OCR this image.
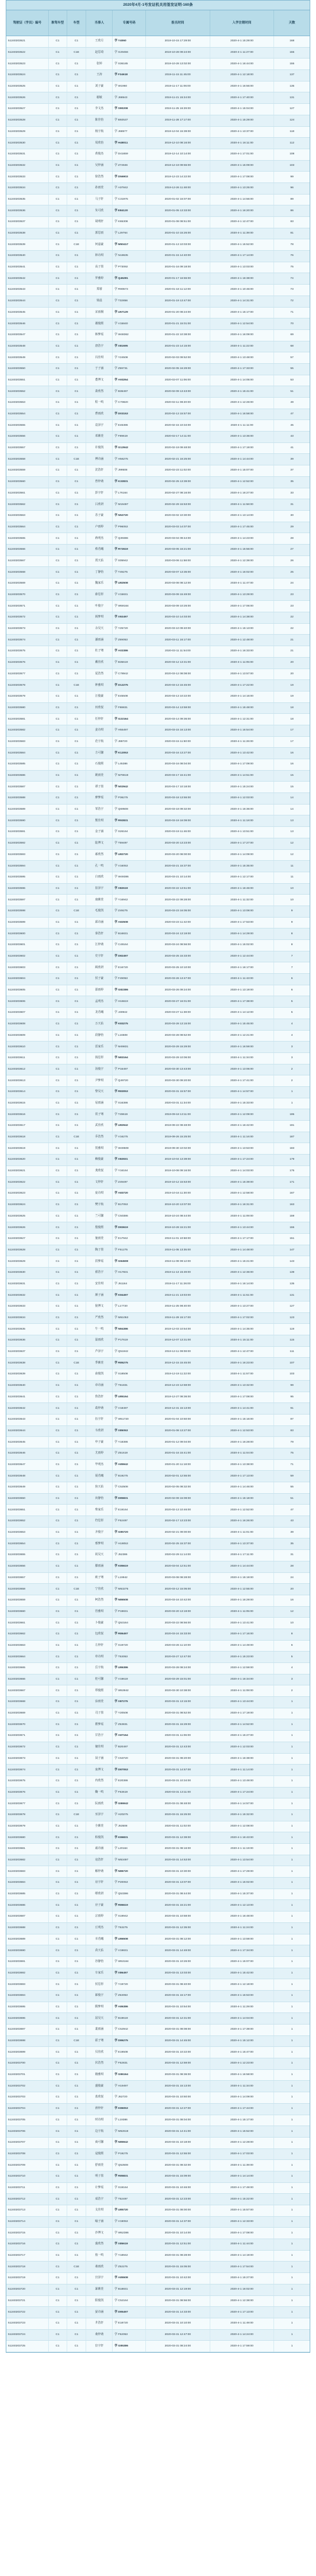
2020年4月-1号发证机关用签发证明-160条
驾驶证（学员）编号	准驾车型	车型	当事人	专属号码	报名时间	入学注销时间	天数
51240203521	C1	C1	王欣月	学 Y4060	2019-10-15 17:29:00	2020-4-1 15:29:00	168
51240203522	C1	C1E	赵思琦	学 G29456	2019-10-28 09:24:00	2020-4-1 11:27:00	155
51240203523	C1	C1	张婷	学 S36185	2019-10-28 13:02:00	2020-4-1 16:44:00	155
51240203524	C1	C1	王涛	学 F34618	2019-11-15 11:45:00	2020-4-1 12:18:00	137
51240203525	C1	C1	刘子豪	学 W1960	2019-11-17 11:06:00	2020-4-1 16:56:00	135
51240203526	C1	C1	谢敏	学 J68543	2019-11-21 15:24:00	2020-4-1 17:40:00	131
51240203527	C1	C1	李文杰	学 S90208	2019-11-25 16:29:00	2020-4-1 15:04:00	127
51240203528	C1	C1	陈佳怡	学 B92537	2019-11-28 17:17:00	2020-4-1 15:29:00	124
51240203529	C1	C1	杨宇航	学 J68577	2019-12-04 15:39:00	2020-4-1 13:37:00	118
51240203530	C1	C1	周欣怡	学 H48011	2019-12-10 08:16:00	2020-4-1 16:11:00	112
51240203531	C1	C1	黄俊杰	学 D41659	2019-12-14 10:14:00	2020-4-1 17:01:00	108
51240203532	C1	C1	吴梓涵	学 Z72846	2019-12-19 09:55:00	2020-4-1 15:09:00	103
51240203533	C1	C1	徐浩然	学 D56903	2019-12-23 14:22:00	2020-4-1 17:08:00	99
51240203534	C1	C1	孙雨萱	学 A07842	2019-12-26 11:48:00	2020-4-1 13:25:00	96
51240203535	C1	C1	马子轩	学 C31975	2020-01-02 16:07:00	2020-4-1 14:56:00	89
51240203536	C1	C1	朱可欣	学 E84120	2020-01-05 13:33:00	2020-4-1 16:20:00	86
51240203537	C1	C1	胡明轩	学 K65308	2020-01-08 08:51:00	2020-4-1 12:47:00	83
51240203538	C1	C1	郭思雨	学 L29764	2020-01-10 15:26:00	2020-4-1 11:39:00	81
51240203539	C1	C1E	何嘉豪	学 M50417	2020-01-13 10:03:00	2020-4-1 15:52:00	78
51240203540	C1	C1	林诗琪	学 N18635	2020-01-15 14:40:00	2020-4-1 17:14:00	76
51240203541	C1	C1	高子墨	学 P73092	2020-01-16 09:18:00	2020-4-1 13:03:00	75
51240203542	C1	C1	罗雅婷	学 Q46281	2020-01-17 16:55:00	2020-4-1 16:38:00	74
51240203543	C1	C1	郑睿	学 R90573	2020-01-18 11:12:00	2020-4-1 10:46:00	73
51240203544	C1	C1	梁晨	学 T32856	2020-01-19 13:47:00	2020-4-1 14:31:00	72
51240203545	C1	C1	宋雨桐	学 U67129	2020-01-20 08:24:00	2020-4-1 15:17:00	71
51240203546	C1	C1	谢俊熙	学 V15840	2020-01-21 15:01:00	2020-4-1 12:54:00	70
51240203547	C1	C1	韩梦瑶	学 W48362	2020-01-22 10:38:00	2020-4-1 16:09:00	69
51240203548	C1	C1	唐浩宇	学 X81695	2020-01-23 14:15:00	2020-4-1 11:22:00	68
51240203549	C1	C1	冯佳琪	学 Y24508	2020-02-03 09:52:00	2020-4-1 13:48:00	57
51240203550	C1	C1	于子涵	学 Z59731	2020-02-05 16:29:00	2020-4-1 17:33:00	55
51240203551	C1	C1	董博文	学 A93264	2020-02-07 11:06:00	2020-4-1 14:05:00	53
51240203552	C1	C1	萧欣然	学 B36497	2020-02-09 13:43:00	2020-4-1 15:41:00	51
51240203553	C1	C1	程一鸣	学 C70820	2020-02-11 08:20:00	2020-4-1 12:26:00	49
51240203554	C1	C1	曹雨欣	学 D03153	2020-02-13 15:57:00	2020-4-1 16:58:00	47
51240203555	C1	C1	袁泽宇	学 E46386	2020-02-15 10:34:00	2020-4-1 11:11:00	45
51240203556	C1	C1	邓紫萱	学 F89619	2020-02-17 14:11:00	2020-4-1 13:36:00	43
51240203557	C1	C1	许俊凯	学 G12942	2020-02-19 09:48:00	2020-4-1 17:19:00	41
51240203558	C1	C1E	傅诗涵	学 H56275	2020-02-21 16:25:00	2020-4-1 14:44:00	39
51240203559	C1	C1	沈浩轩	学 J99508	2020-02-23 11:02:00	2020-4-1 15:07:00	37
51240203560	C1	C1	曾梓萌	学 K32831	2020-02-25 13:39:00	2020-4-1 12:52:00	35
51240203561	C1	C1	彭宇轩	学 L76164	2020-02-27 08:16:00	2020-4-1 16:27:00	33
51240203562	C1	C1	吕欣妍	学 M19497	2020-02-29 15:53:00	2020-4-1 11:58:00	31
51240203563	C1	C1	苏子豪	学 N52720	2020-03-02 10:30:00	2020-4-1 13:14:00	30
51240203564	C1	C1	卢雨婷	学 P96053	2020-03-03 14:07:00	2020-4-1 17:45:00	29
51240203565	C1	C1	蒋明杰	学 Q39386	2020-03-04 09:44:00	2020-4-1 14:23:00	28
51240203566	C1	C1	蔡若曦	学 R72619	2020-03-05 16:21:00	2020-4-1 15:56:00	27
51240203567	C1	C1	贾天佑	学 S05942	2020-03-06 11:58:00	2020-4-1 12:39:00	26
51240203568	C1	C1	丁静怡	学 T49275	2020-03-07 13:35:00	2020-4-1 16:02:00	25
51240203569	C1	C1	魏家乐	学 U82508	2020-03-08 08:12:00	2020-4-1 11:47:00	24
51240203570	C1	C1	薛思彤	学 V15831	2020-03-09 15:49:00	2020-4-1 13:29:00	23
51240203571	C1	C1	叶俊宇	学 W59164	2020-03-09 10:26:00	2020-4-1 17:06:00	23
51240203572	C1	C1	阎梦琪	学 X92497	2020-03-10 14:03:00	2020-4-1 14:38:00	22
51240203573	C1	C1	余昊天	学 Y25720	2020-03-10 09:40:00	2020-4-1 15:13:00	22
51240203574	C1	C1	潘雨涵	学 Z69053	2020-03-11 16:17:00	2020-4-1 12:48:00	21
51240203575	C1	C1	杜子骞	学 A02386	2020-03-11 11:54:00	2020-4-1 16:33:00	21
51240203576	C1	C1	戴佳欣	学 B35619	2020-03-12 13:31:00	2020-4-1 11:05:00	20
51240203577	C1	C1	夏浩然	学 C78942	2020-03-12 08:08:00	2020-4-1 13:57:00	20
51240203578	C1	C1E	钟雅琪	学 D12275	2020-03-13 15:45:00	2020-4-1 17:22:00	19
51240203579	C1	C1	汪俊豪	学 E45508	2020-03-13 10:22:00	2020-4-1 14:16:00	19
51240203580	C1	C1	田欣悦	学 F88831	2020-03-14 13:59:00	2020-4-1 15:48:00	18
51240203581	C1	C1	任梓轩	学 G22164	2020-03-14 09:36:00	2020-4-1 12:31:00	18
51240203582	C1	C1	姜诗琪	学 H55497	2020-03-15 16:13:00	2020-4-1 16:54:00	17
51240203583	C1	C1	范宇航	学 J88720	2020-03-15 11:50:00	2020-4-1 11:26:00	17
51240203584	C1	C1	方可馨	学 K12053	2020-03-16 13:27:00	2020-4-1 13:42:00	16
51240203585	C1	C1	石俊熙	学 L45386	2020-03-16 08:04:00	2020-4-1 17:09:00	16
51240203586	C1	C1	姚雨萱	学 M78619	2020-03-17 15:41:00	2020-4-1 14:51:00	15
51240203587	C1	C1	谭子墨	学 N02942	2020-03-17 10:18:00	2020-4-1 15:24:00	15
51240203588	C1	C1	廖梦瑶	学 P36275	2020-03-18 13:55:00	2020-4-1 12:03:00	14
51240203589	C1	C1	邹浩宇	学 Q69508	2020-03-18 09:32:00	2020-4-1 16:36:00	14
51240203590	C1	C1	熊佳琪	学 R92831	2020-03-19 16:09:00	2020-4-1 11:18:00	13
51240203591	C1	C1	金子涵	学 S26164	2020-03-19 11:46:00	2020-4-1 13:51:00	13
51240203592	C1	C1	陆博文	学 T59497	2020-03-20 13:23:00	2020-4-1 17:27:00	12
51240203593	C1	C1	郝欣然	学 U82720	2020-03-20 08:00:00	2020-4-1 14:09:00	12
51240203594	C1	C1	孔一鸣	学 V16053	2020-03-21 15:37:00	2020-4-1 15:35:00	11
51240203595	C1	C1	白雨欣	学 W49386	2020-03-21 10:14:00	2020-4-1 12:17:00	11
51240203596	C1	C1	崔泽宇	学 X82619	2020-03-22 13:51:00	2020-4-1 16:46:00	10
51240203597	C1	C1	康紫萱	学 Y16942	2020-03-22 09:28:00	2020-4-1 11:32:00	10
51240203598	C1	C1E	毛俊凯	学 Z49275	2020-03-23 16:05:00	2020-4-1 13:08:00	9
51240203599	C1	C1	邱诗涵	学 A82508	2020-03-23 11:42:00	2020-4-1 17:53:00	9
51240203600	C1	C1	秦浩轩	学 B16831	2020-03-24 13:19:00	2020-4-1 14:29:00	8
51240203601	C1	C1	江梓萌	学 C49164	2020-03-24 08:56:00	2020-4-1 15:02:00	8
51240203602	C1	C1	史宇轩	学 D82497	2020-03-25 15:33:00	2020-4-1 12:44:00	7
51240203603	C1	C1	顾欣妍	学 E16720	2020-03-25 10:10:00	2020-4-1 16:17:00	7
51240203604	C1	C1	侯子豪	学 F49053	2020-03-26 13:47:00	2020-4-1 11:43:00	6
51240203605	C1	C1	邵雨婷	学 G82386	2020-03-26 09:24:00	2020-4-1 13:19:00	6
51240203606	C1	C1	孟明杰	学 H16619	2020-03-27 16:01:00	2020-4-1 17:38:00	5
51240203607	C1	C1	龙若曦	学 J49942	2020-03-27 11:38:00	2020-4-1 14:12:00	5
51240203608	C1	C1	万天佑	学 K83275	2020-03-28 13:15:00	2020-4-1 15:45:00	4
51240203609	C1	C1	段静怡	学 L16508	2020-03-28 08:52:00	2020-4-1 12:21:00	4
51240203610	C1	C1	雷家乐	学 M49831	2020-03-29 15:29:00	2020-4-1 16:59:00	3
51240203611	C1	C1	钱思彤	学 N83164	2020-03-29 10:06:00	2020-4-1 11:34:00	3
51240203612	C1	C1	汤俊宇	学 P16497	2020-03-30 13:43:00	2020-4-1 13:06:00	2
51240203613	C1	C1	尹梦琪	学 Q49720	2020-03-30 09:20:00	2020-4-1 17:41:00	2
51240203614	C1	C1	黎昊天	学 R83053	2020-03-31 15:57:00	2020-4-1 14:57:00	1
51240203615	C1	C1	易雨涵	学 S16386	2020-03-31 11:34:00	2020-4-1 15:33:00	1
51240203616	C1	C1	常子骞	学 T49619	2019-09-18 13:11:00	2020-4-1 12:09:00	195
51240203617	C1	C1	武佳欣	学 U82942	2019-09-22 08:48:00	2020-4-1 16:42:00	191
51240203618	C1	C1E	乔浩然	学 V16275	2019-09-26 15:25:00	2020-4-1 11:16:00	187
51240203619	C1	C1	贺雅琪	学 W49508	2019-09-30 10:02:00	2020-4-1 13:53:00	183
51240203620	C1	C1	赖俊豪	学 X82831	2019-10-04 13:39:00	2020-4-1 17:24:00	179
51240203621	C1	C1	龚欣悦	学 Y16164	2019-10-08 09:16:00	2020-4-1 14:03:00	175
51240203622	C1	C1	文梓轩	学 Z49497	2019-10-12 15:53:00	2020-4-1 15:39:00	171
51240203623	C1	C1	庞诗琪	学 A83720	2019-10-16 11:30:00	2020-4-1 12:58:00	167
51240203624	C1	C1	樊宇航	学 B17053	2019-10-20 13:07:00	2020-4-1 16:31:00	163
51240203625	C1	C1	兰可馨	学 C50386	2019-10-24 08:44:00	2020-4-1 11:09:00	159
51240203626	C1	C1	殷俊熙	学 D83619	2019-10-28 15:21:00	2020-4-1 13:44:00	155
51240203627	C1	C1	施雨萱	学 E17942	2019-11-01 10:58:00	2020-4-1 17:17:00	151
51240203628	C1	C1	陶子墨	学 F51275	2019-11-05 13:35:00	2020-4-1 14:48:00	147
51240203629	C1	C1	洪梦瑶	学 G84508	2019-11-09 09:12:00	2020-4-1 15:21:00	143
51240203630	C1	C1	翟浩宇	学 H17831	2019-11-13 15:49:00	2020-4-1 12:36:00	139
51240203631	C1	C1	安佳琪	学 J51164	2019-11-17 11:26:00	2020-4-1 16:14:00	135
51240203632	C1	C1	颜子涵	学 K84497	2019-11-21 13:03:00	2020-4-1 11:51:00	131
51240203633	C1	C1	倪博文	学 L17720	2019-11-25 08:40:00	2020-4-1 13:27:00	127
51240203634	C1	C1	严欣然	学 M51053	2019-11-29 15:17:00	2020-4-1 17:02:00	123
51240203635	C1	C1	牛一鸣	学 N84386	2019-12-03 10:54:00	2020-4-1 14:35:00	119
51240203636	C1	C1	温雨欣	学 P17619	2019-12-07 13:31:00	2020-4-1 15:11:00	115
51240203637	C1	C1	芦泽宇	学 Q51942	2019-12-11 09:08:00	2020-4-1 12:47:00	111
51240203638	C1	C1E	季紫萱	学 R85275	2019-12-15 15:45:00	2020-4-1 16:23:00	107
51240203639	C1	C1	俞俊凯	学 S18508	2019-12-19 11:22:00	2020-4-1 11:57:00	103
51240203640	C1	C1	章诗涵	学 T51831	2019-12-23 12:59:00	2020-4-1 13:32:00	99
51240203641	C1	C1	鲁浩轩	学 U85164	2019-12-27 08:36:00	2020-4-1 17:08:00	95
51240203642	C1	C1	葛梓萌	学 V18497	2019-12-31 15:13:00	2020-4-1 14:41:00	91
51240203643	C1	C1	伍宇轩	学 W51720	2020-01-04 10:50:00	2020-4-1 15:16:00	87
51240203644	C1	C1	韦欣妍	学 X85053	2020-01-08 13:27:00	2020-4-1 12:53:00	83
51240203645	C1	C1	申子豪	学 Y18386	2020-01-12 09:04:00	2020-4-1 16:28:00	79
51240203646	C1	C1	尤雨婷	学 Z51619	2020-01-16 15:41:00	2020-4-1 11:04:00	75
51240203647	C1	C1	毕明杰	学 A85942	2020-01-20 11:18:00	2020-4-1 13:38:00	71
51240203648	C1	C1	聂若曦	学 B19275	2020-02-01 12:55:00	2020-4-1 17:13:00	59
51240203649	C1	C1	焦天佑	学 C52508	2020-02-05 08:32:00	2020-4-1 14:46:00	55
51240203650	C1	C1	向静怡	学 D85831	2020-02-09 15:09:00	2020-4-1 15:18:00	51
51240203651	C1	C1	柴家乐	学 E19164	2020-02-13 10:46:00	2020-4-1 12:52:00	47
51240203652	C1	C1	符思彤	学 F52497	2020-02-17 13:23:00	2020-4-1 16:26:00	43
51240203653	C1	C1	齐俊宇	学 G85720	2020-02-21 09:00:00	2020-4-1 11:01:00	39
51240203654	C1	C1	邢梦琪	学 H19053	2020-02-25 15:37:00	2020-4-1 13:37:00	35
51240203655	C1	C1	祝昊天	学 J52386	2020-02-29 11:14:00	2020-4-1 17:11:00	31
51240203656	C1	C1	滕雨涵	学 K85619	2020-03-04 12:51:00	2020-4-1 14:44:00	28
51240203657	C1	C1	欧子骞	学 L19942	2020-03-08 08:28:00	2020-4-1 15:19:00	24
51240203658	C1	C1E	宁佳欣	学 M53275	2020-03-12 15:05:00	2020-4-1 12:55:00	20
51240203659	C1	C1	柯浩然	学 N86508	2020-03-16 10:42:00	2020-4-1 16:29:00	16
51240203660	C1	C1	管雅琪	学 P19831	2020-03-20 13:19:00	2020-4-1 11:05:00	12
51240203661	C1	C1	卜俊豪	学 Q53164	2020-03-22 08:56:00	2020-4-1 13:41:00	10
51240203662	C1	C1	包欣悦	学 R86497	2020-03-24 15:33:00	2020-4-1 17:16:00	8
51240203663	C1	C1	左梓轩	学 S19720	2020-03-26 11:10:00	2020-4-1 14:49:00	6
51240203664	C1	C1	单诗琪	学 T53053	2020-03-27 12:47:00	2020-4-1 15:23:00	5
51240203665	C1	C1	岳宇航	学 U86386	2020-03-28 08:24:00	2020-4-1 12:59:00	4
51240203666	C1	C1	桂可馨	学 V19619	2020-03-29 15:01:00	2020-4-1 16:34:00	3
51240203667	C1	C1	覃俊熙	学 W53942	2020-03-30 10:38:00	2020-4-1 11:08:00	2
51240203668	C1	C1	涂雨萱	学 X87275	2020-03-31 13:15:00	2020-4-1 13:44:00	1
51240203669	C1	C1	司子墨	学 Y20508	2020-03-31 08:52:00	2020-4-1 17:19:00	1
51240203670	C1	C1	瞿梦瑶	学 Z53831	2020-03-31 15:29:00	2020-4-1 14:52:00	1
51240203671	C1	C1	甘浩宇	学 A87164	2020-03-31 11:06:00	2020-4-1 15:27:00	1
51240203672	C1	C1	储佳琪	学 B20497	2020-03-31 12:43:00	2020-4-1 12:03:00	1
51240203673	C1	C1	闵子涵	学 C53720	2020-03-31 08:20:00	2020-4-1 16:38:00	1
51240203674	C1	C1	栾博文	学 D87053	2020-03-31 14:57:00	2020-4-1 11:14:00	1
51240203675	C1	C1	冉欣然	学 E20386	2020-03-31 10:34:00	2020-4-1 13:49:00	1
51240203676	C1	C1	鞠一鸣	学 F53619	2020-03-31 13:11:00	2020-4-1 17:24:00	1
51240203677	C1	C1	阮雨欣	学 G86942	2020-03-31 08:48:00	2020-4-1 14:57:00	1
51240203678	C1	C1E	巫泽宇	学 H20275	2020-03-31 15:25:00	2020-4-1 15:32:00	1
51240203679	C1	C1	全紫萱	学 J53508	2020-03-31 11:02:00	2020-4-1 12:08:00	1
51240203680	C1	C1	柏俊凯	学 K86831	2020-03-31 12:39:00	2020-4-1 16:43:00	1
51240203681	C1	C1	戚诗涵	学 L20164	2020-03-31 08:16:00	2020-4-1 11:19:00	1
51240203682	C1	C1	寇浩轩	学 M53497	2020-03-31 14:53:00	2020-4-1 13:54:00	1
51240203683	C1	C1	解梓萌	学 N86720	2020-03-31 10:30:00	2020-4-1 17:29:00	1
51240203684	C1	C1	房宇轩	学 P20053	2020-03-31 13:07:00	2020-4-1 15:02:00	1
51240203685	C1	C1	缪欣妍	学 Q53386	2020-03-31 08:44:00	2020-4-1 15:37:00	1
51240203686	C1	C1	应子豪	学 R86619	2020-03-31 15:21:00	2020-4-1 12:13:00	1
51240203687	C1	C1	宗雨婷	学 S19942	2020-03-31 10:58:00	2020-4-1 16:48:00	1
51240203688	C1	C1	丘明杰	学 T53275	2020-03-31 12:35:00	2020-4-1 11:24:00	1
51240203689	C1	C1	幸若曦	学 U86508	2020-03-31 08:12:00	2020-4-1 13:59:00	1
51240203690	C1	C1	苗天佑	学 V19831	2020-03-31 14:49:00	2020-4-1 17:34:00	1
51240203691	C1	C1	谷静怡	学 W53164	2020-03-31 10:26:00	2020-4-1 15:07:00	1
51240203692	C1	C1	车家乐	学 X86497	2020-03-31 13:03:00	2020-4-1 15:42:00	1
51240203693	C1	C1	侯思彤	学 Y19720	2020-03-31 08:40:00	2020-4-1 12:18:00	1
51240203694	C1	C1	郎俊宇	学 Z53053	2020-03-31 15:17:00	2020-4-1 16:53:00	1
51240203695	C1	C1	隋梦琪	学 A86386	2020-03-31 10:54:00	2020-4-1 11:29:00	1
51240203696	C1	C1	屈昊天	学 B19619	2020-03-31 12:31:00	2020-4-1 14:04:00	1
51240203697	C1	C1	裴雨涵	学 C52942	2020-03-31 08:08:00	2020-4-1 17:39:00	1
51240203698	C1	C1E	霍子骞	学 D86275	2020-03-31 14:45:00	2020-4-1 15:12:00	1
51240203699	C1	C1	贝佳欣	学 E19508	2020-03-31 10:22:00	2020-4-1 15:47:00	1
51240203700	C1	C1	伏浩然	学 F52831	2020-03-31 12:59:00	2020-4-1 12:23:00	1
51240203701	C1	C1	籍雅琪	学 G86164	2020-03-31 08:36:00	2020-4-1 16:58:00	1
51240203702	C1	C1	盛俊豪	学 H19497	2020-03-31 15:13:00	2020-4-1 11:34:00	1
51240203703	C1	C1	蓝欣悦	学 J52720	2020-03-31 10:50:00	2020-4-1 14:09:00	1
51240203704	C1	C1	滑梓轩	学 K86053	2020-03-31 12:27:00	2020-4-1 17:44:00	1
51240203705	C1	C1	时诗琪	学 L19386	2020-03-31 08:04:00	2020-4-1 15:17:00	1
51240203706	C1	C1	边宇航	学 M52619	2020-03-31 14:41:00	2020-4-1 15:52:00	1
51240203707	C1	C1	商可馨	学 N85942	2020-03-31 10:18:00	2020-4-1 12:28:00	1
51240203708	C1	C1	逯俊熙	学 P19275	2020-03-31 12:55:00	2020-4-1 17:03:00	1
51240203709	C1	C1	舒雨萱	学 Q52508	2020-03-31 08:32:00	2020-4-1 11:39:00	1
51240203710	C1	C1	明子墨	学 R85831	2020-03-31 15:09:00	2020-4-1 14:14:00	1
51240203711	C1	C1	计梦瑶	学 S19164	2020-03-31 10:46:00	2020-4-1 17:49:00	1
51240203712	C1	C1	成浩宇	学 T52497	2020-03-31 12:23:00	2020-4-1 15:22:00	1
51240203713	C1	C1	戈佳琪	学 U85720	2020-03-31 08:00:00	2020-4-1 15:57:00	1
51240203714	C1	C1	喻子涵	学 V19053	2020-03-31 14:37:00	2020-4-1 12:33:00	1
51240203715	C1	C1	沙博文	学 W52386	2020-03-31 10:14:00	2020-4-1 17:08:00	1
51240203716	C1	C1	蒲欣然	学 X85619	2020-03-31 12:51:00	2020-4-1 11:44:00	1
51240203717	C1	C1	敖一鸣	学 Y18942	2020-03-31 08:28:00	2020-4-1 14:19:00	1
51240203718	C1	C1E	桑雨欣	学 Z52275	2020-03-31 15:05:00	2020-4-1 17:54:00	1
51240203719	C1	C1	宫泽宇	学 A85508	2020-03-31 10:42:00	2020-4-1 15:27:00	1
51240203720	C1	C1	暴紫萱	学 B18831	2020-03-31 12:19:00	2020-4-1 16:02:00	1
51240203721	C1	C1	阳俊凯	学 C52164	2020-03-31 08:56:00	2020-4-1 12:38:00	1
51240203722	C1	C1	晏诗涵	学 D85497	2020-03-31 14:33:00	2020-4-1 17:13:00	1
51240203723	C1	C1	井浩轩	学 E18720	2020-03-31 10:10:00	2020-4-1 11:49:00	1
51240203724	C1	C1	桑梓萌	学 F52053	2020-03-31 12:47:00	2020-4-1 14:24:00	1
51240203725	C1	C1	宦宇轩	学 G85386	2020-03-31 08:24:00	2020-4-1 17:59:00	1
